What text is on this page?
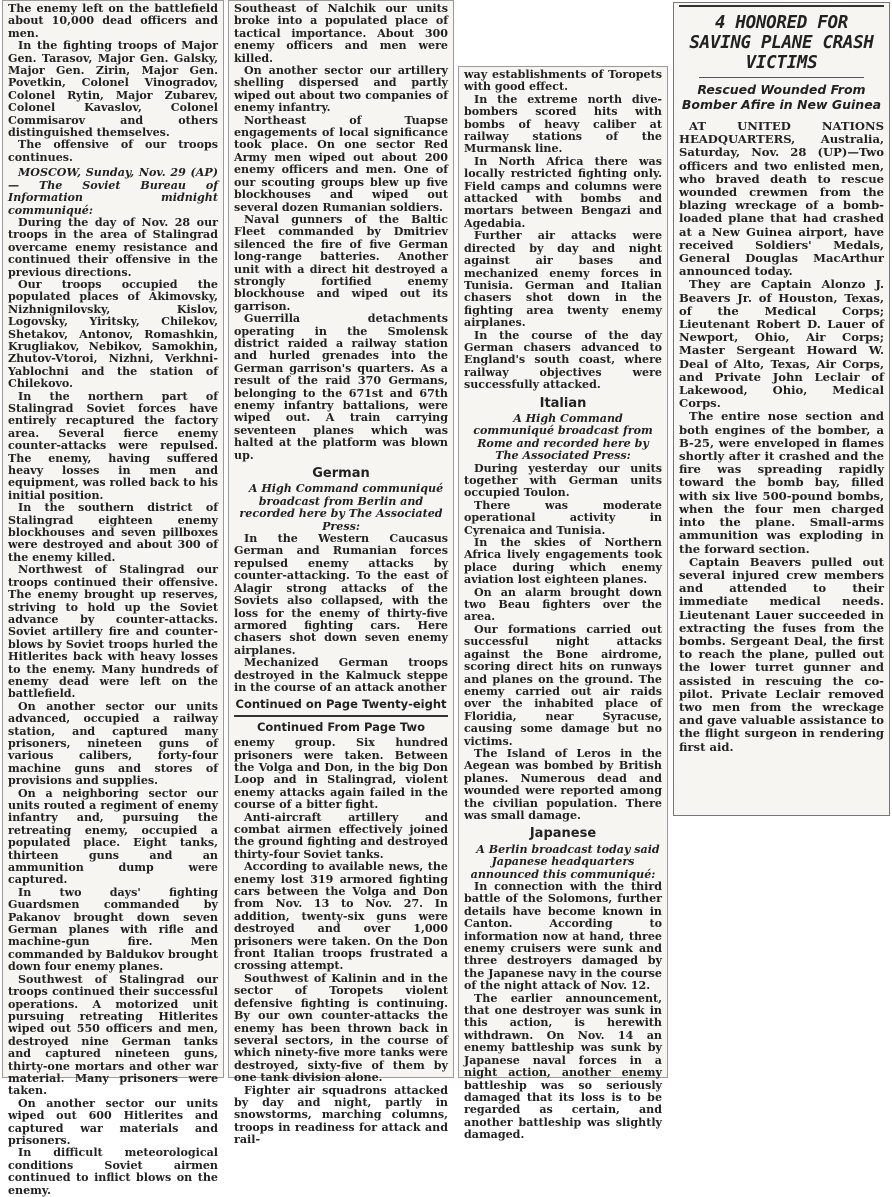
The enemy left on the battlefield about 10,000 dead officers and men.

In the fighting troops of Major Gen. Tarasov, Major Gen. Galsky, Major Gen. Zirin, Major Gen. Povetkin, Colonel Vinogradov, Colonel Rytin, Major Zubarev, Colonel Kavaslov, Colonel Commisarov and others distinguished themselves.

The offensive of our troops continues.

MOSCOW, Sunday, Nov. 29 (AP) — The Soviet Bureau of Information midnight communiqué:

During the day of Nov. 28 our troops in the area of Stalingrad overcame enemy resistance and continued their offensive in the previous directions.

Our troops occupied the populated places of Akimovsky, Nizhnignilovsky, Kislov, Logovsky, Yiritsky, Chilekov, Shetakov, Antonov, Romashkin, Krugliakov, Nebikov, Samokhin, Zhutov-Vtoroi, Nizhni, Verkhni-Yablochni and the station of Chilekovo.

In the northern part of Stalingrad Soviet forces have entirely recaptured the factory area. Several fierce enemy counter-attacks were repulsed. The enemy, having suffered heavy losses in men and equipment, was rolled back to his initial position.

In the southern district of Stalingrad eighteen enemy blockhouses and seven pillboxes were destroyed and about 300 of the enemy killed.

Northwest of Stalingrad our troops continued their offensive. The enemy brought up reserves, striving to hold up the Soviet advance by counter-attacks. Soviet artillery fire and counter-blows by Soviet troops hurled the Hitlerites back with heavy losses to the enemy. Many hundreds of enemy dead were left on the battlefield.

On another sector our units advanced, occupied a railway station, and captured many prisoners, nineteen guns of various calibers, forty-four machine guns and stores of provisions and supplies.

On a neighboring sector our units routed a regiment of enemy infantry and, pursuing the retreating enemy, occupied a populated place. Eight tanks, thirteen guns and an ammunition dump were captured.

In two days' fighting Guardsmen commanded by Pakanov brought down seven German planes with rifle and machine-gun fire. Men commanded by Baldukov brought down four enemy planes.

Southwest of Stalingrad our troops continued their successful operations. A motorized unit pursuing retreating Hitlerites wiped out 550 officers and men, destroyed nine German tanks and captured nineteen guns, thirty-one mortars and other war material. Many prisoners were taken.

On another sector our units wiped out 600 Hitlerites and captured war materials and prisoners.

In difficult meteorological conditions Soviet airmen continued to inflict blows on the enemy.

Southeast of Nalchik our units broke into a populated place of tactical importance. About 300 enemy officers and men were killed.

On another sector our artillery shelling dispersed and partly wiped out about two companies of enemy infantry.

Northeast of Tuapse engagements of local significance took place. On one sector Red Army men wiped out about 200 enemy officers and men. One of our scouting groups blew up five blockhouses and wiped out several dozen Rumanian soldiers.

Naval gunners of the Baltic Fleet commanded by Dmitriev silenced the fire of five German long-range batteries. Another unit with a direct hit destroyed a strongly fortified enemy blockhouse and wiped out its garrison.

Guerrilla detachments operating in the Smolensk district raided a railway station and hurled grenades into the German garrison's quarters. As a result of the raid 370 Germans, belonging to the 671st and 67th enemy infantry battalions, were wiped out. A train carrying seventeen planes which was halted at the platform was blown up.

German

A High Command communiqué broadcast from Berlin and recorded here by The Associated Press:

In the Western Caucasus German and Rumanian forces repulsed enemy attacks by counter-attacking. To the east of Alagir strong attacks of the Soviets also collapsed, with the loss for the enemy of thirty-five armored fighting cars. Here chasers shot down seven enemy airplanes.

Mechanized German troops destroyed in the Kalmuck steppe in the course of an attack another

Continued on Page Twenty-eight
Continued From Page Two

enemy group. Six hundred prisoners were taken. Between the Volga and Don, in the big Don Loop and in Stalingrad, violent enemy attacks again failed in the course of a bitter fight.

Anti-aircraft artillery and combat airmen effectively joined the ground fighting and destroyed thirty-four Soviet tanks.

According to available news, the enemy lost 319 armored fighting cars between the Volga and Don from Nov. 13 to Nov. 27. In addition, twenty-six guns were destroyed and over 1,000 prisoners were taken. On the Don front Italian troops frustrated a crossing attempt.

Southwest of Kalinin and in the sector of Toropets violent defensive fighting is continuing. By our own counter-attacks the enemy has been thrown back in several sectors, in the course of which ninety-five more tanks were destroyed, sixty-five of them by one tank division alone.

Fighter air squadrons attacked by day and night, partly in snowstorms, marching columns, troops in readiness for attack and rail-

way establishments of Toropets with good effect.

In the extreme north dive-bombers scored hits with bombs of heavy caliber at railway stations of the Murmansk line.

In North Africa there was locally restricted fighting only. Field camps and columns were attacked with bombs and mortars between Bengazi and Agedabia.

Further air attacks were directed by day and night against air bases and mechanized enemy forces in Tunisia. German and Italian chasers shot down in the fighting area twenty enemy airplanes.

In the course of the day German chasers advanced to England's south coast, where railway objectives were successfully attacked.

Italian

A High Command communiqué broadcast from Rome and recorded here by The Associated Press:

During yesterday our units together with German units occupied Toulon.

There was moderate operational activity in Cyrenaica and Tunisia.

In the skies of Northern Africa lively engagements took place during which enemy aviation lost eighteen planes.

On an alarm brought down two Beau fighters over the area.

Our formations carried out successful night attacks against the Bone airdrome, scoring direct hits on runways and planes on the ground. The enemy carried out air raids over the inhabited place of Floridia, near Syracuse, causing some damage but no victims.

The Island of Leros in the Aegean was bombed by British planes. Numerous dead and wounded were reported among the civilian population. There was small damage.

Japanese

A Berlin broadcast today said Japanese headquarters announced this communiqué:

In connection with the third battle of the Solomons, further details have become known in Canton. According to information now at hand, three enemy cruisers were sunk and three destroyers damaged by the Japanese navy in the course of the night attack of Nov. 12.

The earlier announcement, that one destroyer was sunk in this action, is herewith withdrawn. On Nov. 14 an enemy battleship was sunk by Japanese naval forces in a night action, another enemy battleship was so seriously damaged that its loss is to be regarded as certain, and another battleship was slightly damaged.

4 HONORED FOR SAVING PLANE CRASH VICTIMS
Rescued Wounded From Bomber Afire in New Guinea

AT UNITED NATIONS HEADQUARTERS, Australia, Saturday, Nov. 28 (UP)—Two officers and two enlisted men, who braved death to rescue wounded crewmen from the blazing wreckage of a bomb-loaded plane that had crashed at a New Guinea airport, have received Soldiers' Medals, General Douglas MacArthur announced today.

They are Captain Alonzo J. Beavers Jr. of Houston, Texas, of the Medical Corps; Lieutenant Robert D. Lauer of Newport, Ohio, Air Corps; Master Sergeant Howard W. Deal of Alto, Texas, Air Corps, and Private John Leclair of Lakewood, Ohio, Medical Corps.

The entire nose section and both engines of the bomber, a B-25, were enveloped in flames shortly after it crashed and the fire was spreading rapidly toward the bomb bay, filled with six live 500-pound bombs, when the four men charged into the plane. Small-arms ammunition was exploding in the forward section.

Captain Beavers pulled out several injured crew members and attended to their immediate medical needs. Lieutenant Lauer succeeded in extracting the fuses from the bombs. Sergeant Deal, the first to reach the plane, pulled out the lower turret gunner and assisted in rescuing the co-pilot. Private Leclair removed two men from the wreckage and gave valuable assistance to the flight surgeon in rendering first aid.
